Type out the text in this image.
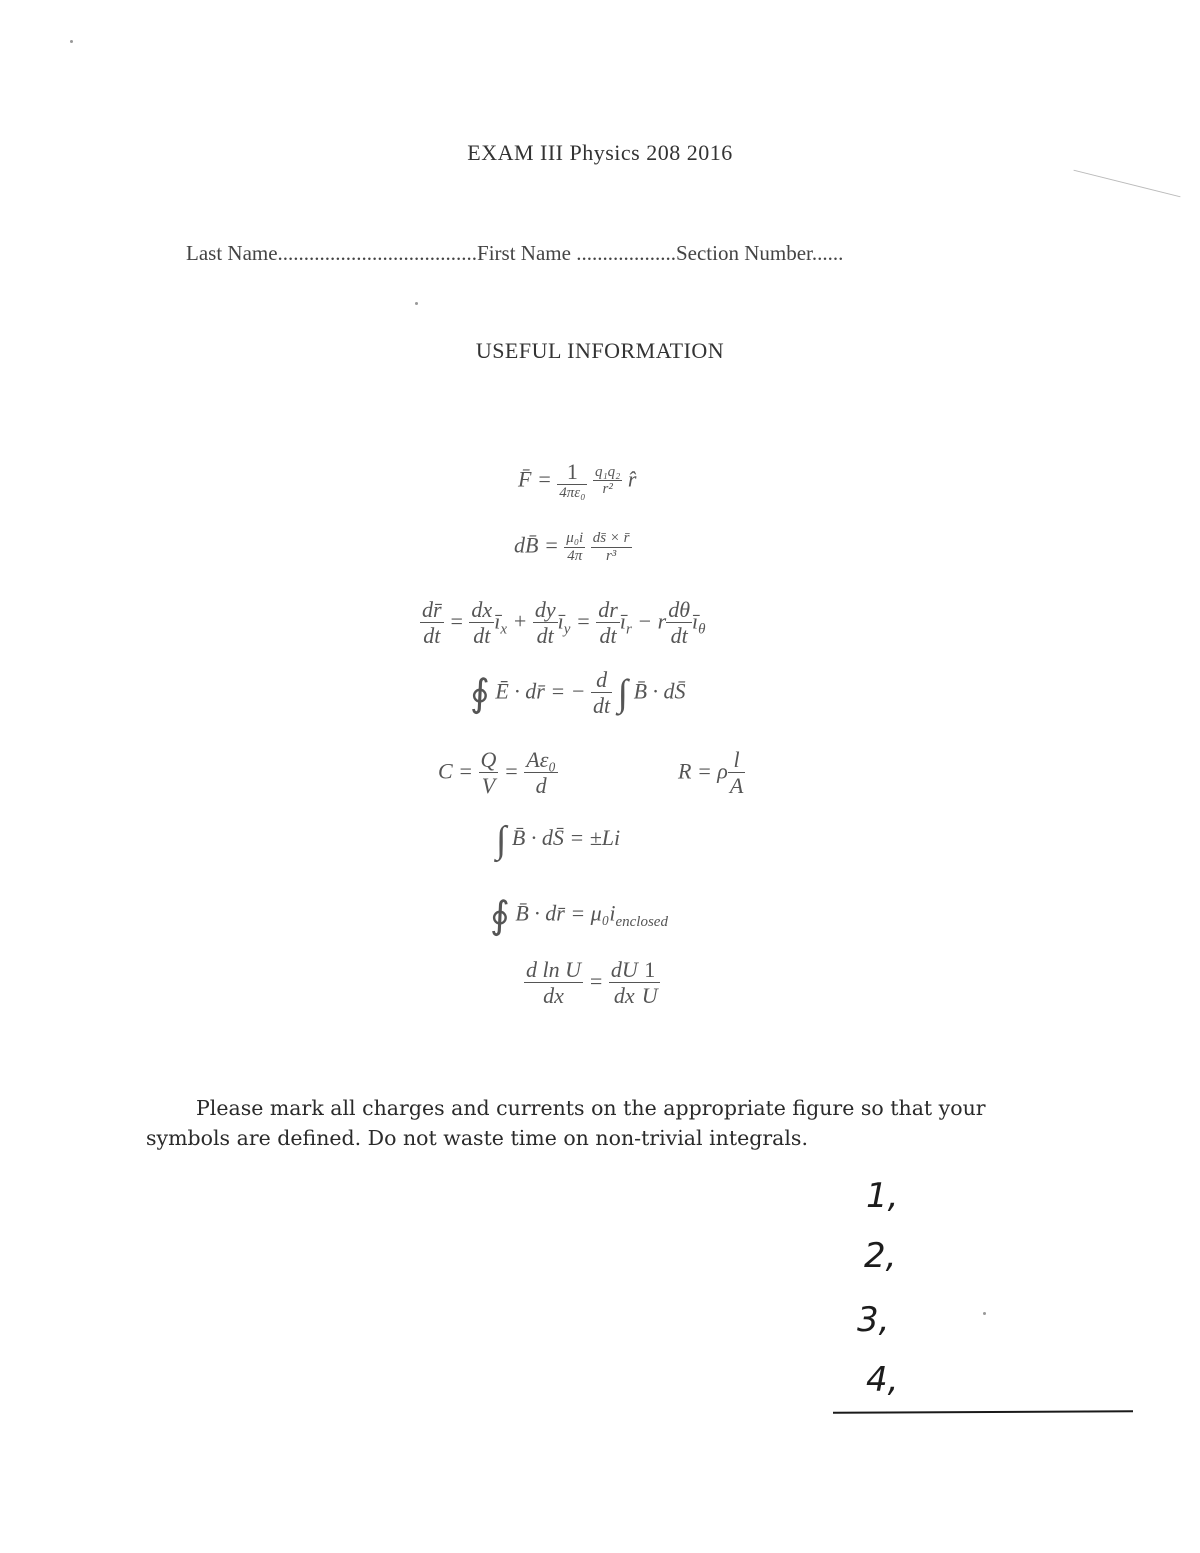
EXAM III Physics 208 2016
Last Name......................................First Name ...................Section Number......
USEFUL INFORMATION
F̄ = $\frac{1}{\text{4πε₀}}$
$\frac{\text{q₁q₂}}{\text{r²}}$ r̂
dB̄ = $\frac{\text{μ₀i}}{4\pi}$
$\frac{ds̄ \times r̄}{\text{r³}}$
$\frac{dr̄}{dt} = \frac{dx}{dt}$ $ī_x + \frac{dy}{dt}$ $ī_y = \frac{dr}{dt}$ $ī_r - r \frac{d\theta}{dt}$ $ī_\theta$
∮ Ē · dr̄ = − $\frac{d}{dt}$ ∫ B̄ · dS̄
$C = \frac{Q}{V} = \frac{\text{Aε₀}}{d}$	R = ρ $\frac{l}{A}$
∫ B̄ · dS̄ = ±Li
∮ B̄ · dr̄ = $\mu_0i_{enclosed}$
$\frac{\text{d ln U}}{dx} = \frac{dU}{dx} \frac{1}{U}$
Please mark all charges and currents on the appropriate figure so that your symbols are defined. Do not waste time on non-trivial integrals.
1,
2,
3,
4,
